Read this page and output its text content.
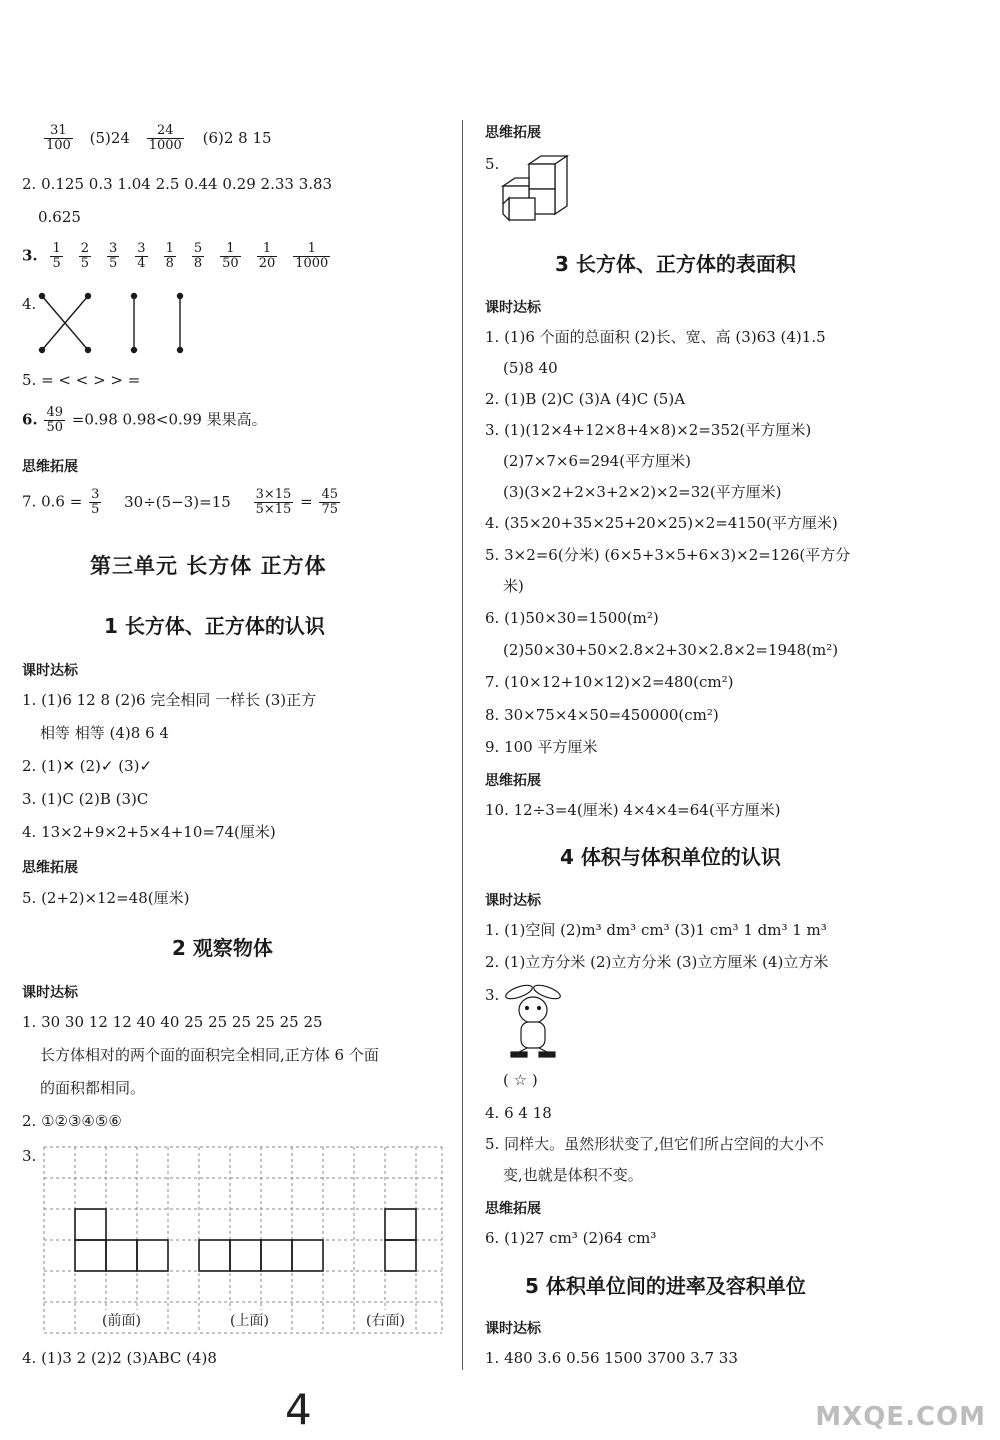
$\frac{31}{100} (5)24 \frac{24}{1000} (6)2$ 8 15
2. 0.125 0.3 1.04 2.5 0.44 0.29 2.33 3.83
0.625
3. $\frac{1}{5} \frac{2}{5} \frac{3}{5} \frac{3}{4} \frac{1}{8} \frac{5}{8} \frac{1}{50} \frac{1}{20} \frac{1}{1000}$
4.
5. = < < > > =
6. $\frac{49}{50} =0.98$ 0.98<0.99 果果高。
思维拓展
7. $0.6 = \frac{3}{5} 30\div(5-3)=15 \frac{3\times 15}{5\times 15} = \frac{45}{75}$
第三单元 长方体 正方体
1 长方体、正方体的认识
课时达标
1. (1)6 12 8 (2)6 完全相同 一样长 (3)正方
相等 相等 (4)8 6 4
2. (1)✕ (2)✓ (3)✓
3. (1)C (2)B (3)C
4. 13×2+9×2+5×4+10=74(厘米)
思维拓展
5. (2+2)×12=48(厘米)
2 观察物体
课时达标
1. 30 30 12 12 40 40 25 25 25 25 25 25
长方体相对的两个面的面积完全相同,正方体 6 个面
的面积都相同。
2. ①②③④⑤⑥
3.
(前面)	(上面)	(右面)
4. (1)3 2 (2)2 (3)ABC (4)8
思维拓展
5.
3 长方体、正方体的表面积
课时达标
1. (1)6 个面的总面积 (2)长、宽、高 (3)63 (4)1.5
(5)8 40
2. (1)B (2)C (3)A (4)C (5)A
3. (1)(12×4+12×8+4×8)×2=352(平方厘米)
(2)7×7×6=294(平方厘米)
(3)(3×2+2×3+2×2)×2=32(平方厘米)
4. (35×20+35×25+20×25)×2=4150(平方厘米)
5. 3×2=6(分米) (6×5+3×5+6×3)×2=126(平方分
米)
6. (1)50×30=1500(m²)
(2)50×30+50×2.8×2+30×2.8×2=1948(m²)
7. (10×12+10×12)×2=480(cm²)
8. 30×75×4×50=450000(cm²)
9. 100 平方厘米
思维拓展
10. 12÷3=4(厘米) 4×4×4=64(平方厘米)
4 体积与体积单位的认识
课时达标
1. (1)空间 (2)m³ dm³ cm³ (3)1 cm³ 1 dm³ 1 m³
2. (1)立方分米 (2)立方分米 (3)立方厘米 (4)立方米
3.
( ☆ )
4. 6 4 18
5. 同样大。虽然形状变了,但它们所占空间的大小不
变,也就是体积不变。
思维拓展
6. (1)27 cm³ (2)64 cm³
5 体积单位间的进率及容积单位
课时达标
1. 480 3.6 0.56 1500 3700 3.7 33
4	MXQE.COM
